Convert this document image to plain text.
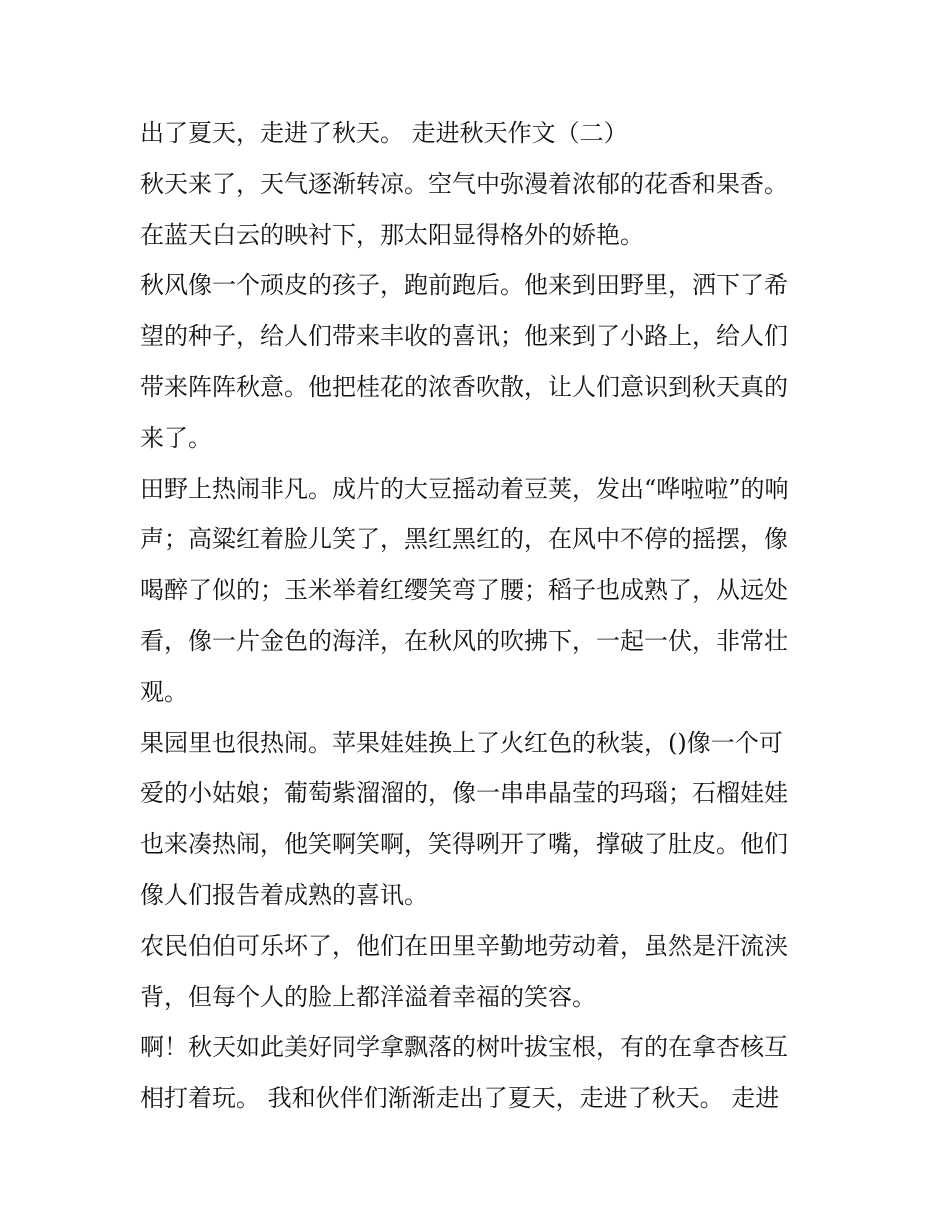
出了夏天，走进了秋天。 走进秋天作文（二）
秋天来了，天气逐渐转凉。空气中弥漫着浓郁的花香和果香。
在蓝天白云的映衬下，那太阳显得格外的娇艳。
秋风像一个顽皮的孩子，跑前跑后。他来到田野里，洒下了希
望的种子，给人们带来丰收的喜讯；他来到了小路上，给人们
带来阵阵秋意。他把桂花的浓香吹散，让人们意识到秋天真的
来了。
田野上热闹非凡。成片的大豆摇动着豆荚，发出“哗啦啦”的响
声；高粱红着脸儿笑了，黑红黑红的，在风中不停的摇摆，像
喝醉了似的；玉米举着红缨笑弯了腰；稻子也成熟了，从远处
看，像一片金色的海洋，在秋风的吹拂下，一起一伏，非常壮
观。
果园里也很热闹。苹果娃娃换上了火红色的秋装，()像一个可
爱的小姑娘；葡萄紫溜溜的，像一串串晶莹的玛瑙；石榴娃娃
也来凑热闹，他笑啊笑啊，笑得咧开了嘴，撑破了肚皮。他们
像人们报告着成熟的喜讯。
农民伯伯可乐坏了，他们在田里辛勤地劳动着，虽然是汗流浃
背，但每个人的脸上都洋溢着幸福的笑容。
啊！秋天如此美好同学拿飘落的树叶拔宝根，有的在拿杏核互
相打着玩。 我和伙伴们渐渐走出了夏天，走进了秋天。 走进
